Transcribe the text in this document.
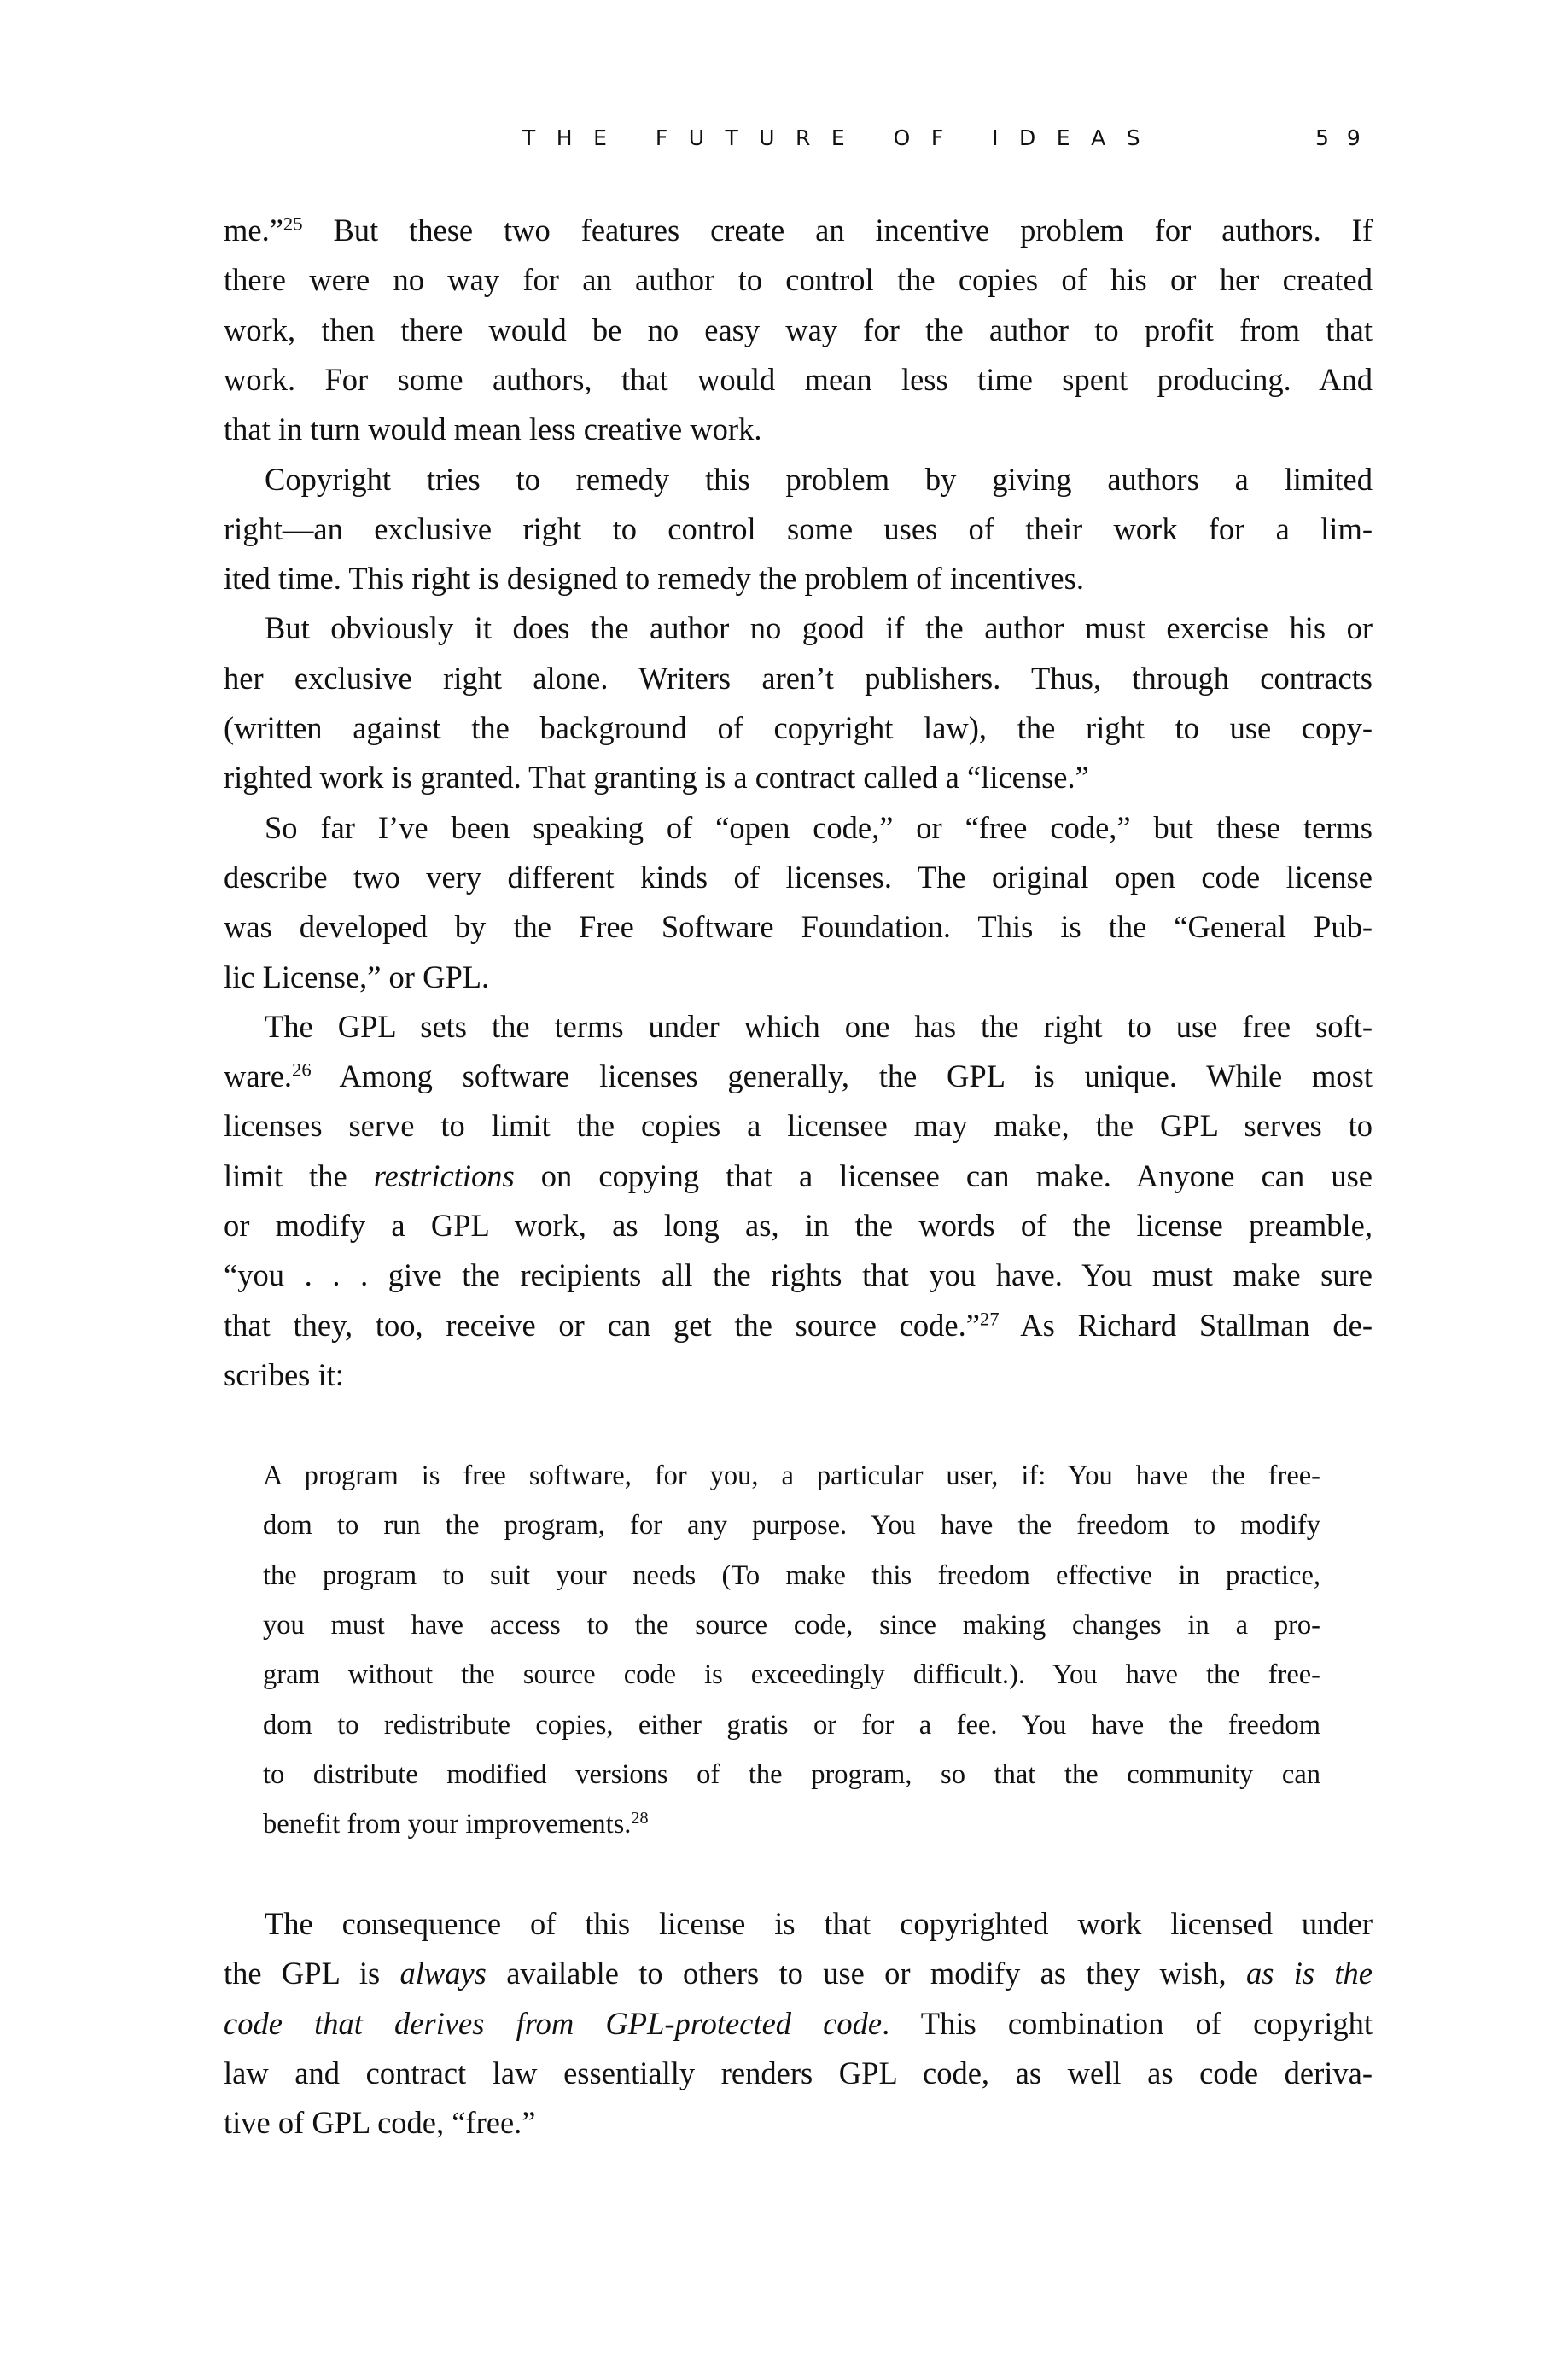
THE FUTURE OF IDEAS	59
me.”$^{25}$ But these two features create an incentive problem for authors. If
there were no way for an author to control the copies of his or her created
work, then there would be no easy way for the author to profit from that
work. For some authors, that would mean less time spent producing. And
that in turn would mean less creative work.
Copyright tries to remedy this problem by giving authors a limited
right—an exclusive right to control some uses of their work for a lim-
ited time. This right is designed to remedy the problem of incentives.
But obviously it does the author no good if the author must exercise his or
her exclusive right alone. Writers aren’t publishers. Thus, through contracts
(written against the background of copyright law), the right to use copy-
righted work is granted. That granting is a contract called a “license.”
So far I’ve been speaking of “open code,” or “free code,” but these terms
describe two very different kinds of licenses. The original open code license
was developed by the Free Software Foundation. This is the “General Pub-
lic License,” or GPL.
The GPL sets the terms under which one has the right to use free soft-
ware.$^{26}$ Among software licenses generally, the GPL is unique. While most
licenses serve to limit the copies a licensee may make, the GPL serves to
limit the restrictions on copying that a licensee can make. Anyone can use
or modify a GPL work, as long as, in the words of the license preamble,
“you . . . give the recipients all the rights that you have. You must make sure
that they, too, receive or can get the source code.”$^{27}$ As Richard Stallman de-
scribes it:
A program is free software, for you, a particular user, if: You have the free-
dom to run the program, for any purpose. You have the freedom to modify
the program to suit your needs (To make this freedom effective in practice,
you must have access to the source code, since making changes in a pro-
gram without the source code is exceedingly difficult.). You have the free-
dom to redistribute copies, either gratis or for a fee. You have the freedom
to distribute modified versions of the program, so that the community can
benefit from your improvements.$^{28}$
The consequence of this license is that copyrighted work licensed under
the GPL is always available to others to use or modify as they wish, as is the
code that derives from GPL-protected code. This combination of copyright
law and contract law essentially renders GPL code, as well as code deriva-
tive of GPL code, “free.”
